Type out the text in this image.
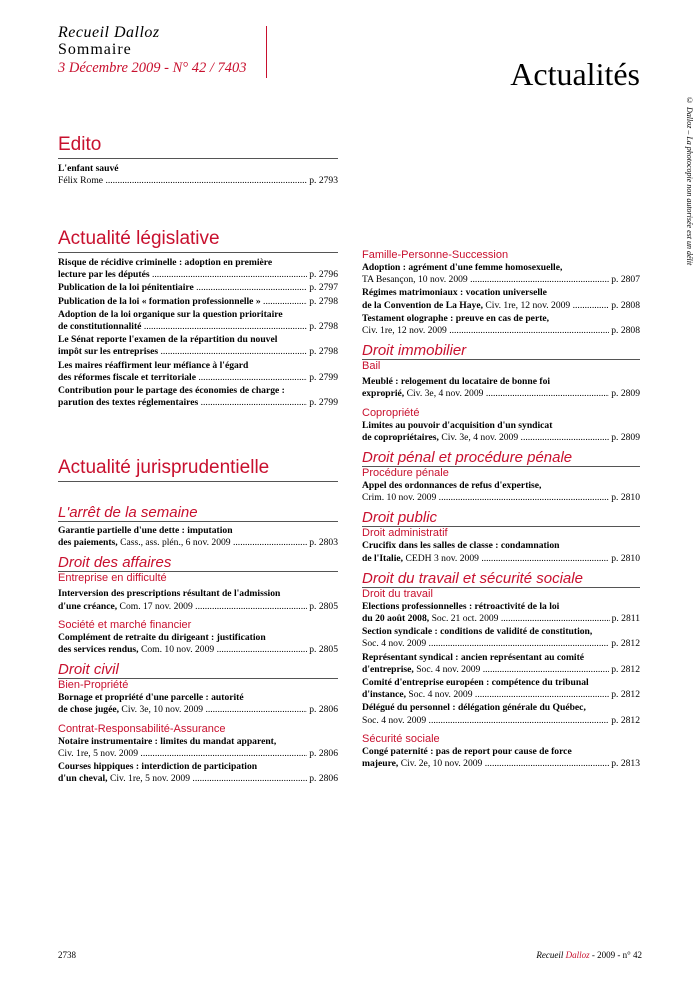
Recueil Dalloz
Sommaire
3 Décembre 2009 - N° 42 / 7403	Actualités
© Dalloz – La photocopie non autorisée est un délit
Edito
L'enfant sauvé
Félix Rome .....	p. 2793
Actualité législative
Risque de récidive criminelle : adoption en première
lecture par les députés .....	p. 2796
Publication de la loi pénitentiaire .....	p. 2797
Publication de la loi « formation professionnelle » .....	p. 2798
Adoption de la loi organique sur la question prioritaire
de constitutionnalité .....	p. 2798
Le Sénat reporte l'examen de la répartition du nouvel
impôt sur les entreprises .....	p. 2798
Les maires réaffirment leur méfiance à l'égard
des réformes fiscale et territoriale .....	p. 2799
Contribution pour le partage des économies de charge :
parution des textes réglementaires .....	p. 2799
Actualité jurisprudentielle
L'arrêt de la semaine
Garantie partielle d'une dette : imputation
des paiements, Cass., ass. plén., 6 nov. 2009 .....	p. 2803
Droit des affaires
Entreprise en difficulté
Interversion des prescriptions résultant de l'admission
d'une créance, Com. 17 nov. 2009 .....	p. 2805
Société et marché financier
Complément de retraite du dirigeant : justification
des services rendus, Com. 10 nov. 2009 .....	p. 2805
Droit civil
Bien-Propriété
Bornage et propriété d'une parcelle : autorité
de chose jugée, Civ. 3e, 10 nov. 2009 .....	p. 2806
Contrat-Responsabilité-Assurance
Notaire instrumentaire : limites du mandat apparent,
Civ. 1re, 5 nov. 2009 .....	p. 2806
Courses hippiques : interdiction de participation
d'un cheval, Civ. 1re, 5 nov. 2009 .....	p. 2806
Famille-Personne-Succession
Adoption : agrément d'une femme homosexuelle,
TA Besançon, 10 nov. 2009 .....	p. 2807
Régimes matrimoniaux : vocation universelle
de la Convention de La Haye, Civ. 1re, 12 nov. 2009 .....	p. 2808
Testament olographe : preuve en cas de perte,
Civ. 1re, 12 nov. 2009 .....	p. 2808
Droit immobilier
Bail
Meublé : relogement du locataire de bonne foi
exproprié, Civ. 3e, 4 nov. 2009 .....	p. 2809
Copropriété
Limites au pouvoir d'acquisition d'un syndicat
de copropriétaires, Civ. 3e, 4 nov. 2009 .....	p. 2809
Droit pénal et procédure pénale
Procédure pénale
Appel des ordonnances de refus d'expertise,
Crim. 10 nov. 2009 .....	p. 2810
Droit public
Droit administratif
Crucifix dans les salles de classe : condamnation
de l'Italie, CEDH 3 nov. 2009 .....	p. 2810
Droit du travail et sécurité sociale
Droit du travail
Elections professionnelles : rétroactivité de la loi
du 20 août 2008, Soc. 21 oct. 2009 .....	p. 2811
Section syndicale : conditions de validité de constitution,
Soc. 4 nov. 2009 .....	p. 2812
Représentant syndical : ancien représentant au comité
d'entreprise, Soc. 4 nov. 2009 .....	p. 2812
Comité d'entreprise européen : compétence du tribunal
d'instance, Soc. 4 nov. 2009 .....	p. 2812
Délégué du personnel : délégation générale du Québec,
Soc. 4 nov. 2009 .....	p. 2812
Sécurité sociale
Congé paternité : pas de report pour cause de force
majeure, Civ. 2e, 10 nov. 2009 .....	p. 2813
2738	Recueil Dalloz - 2009 - n° 42
